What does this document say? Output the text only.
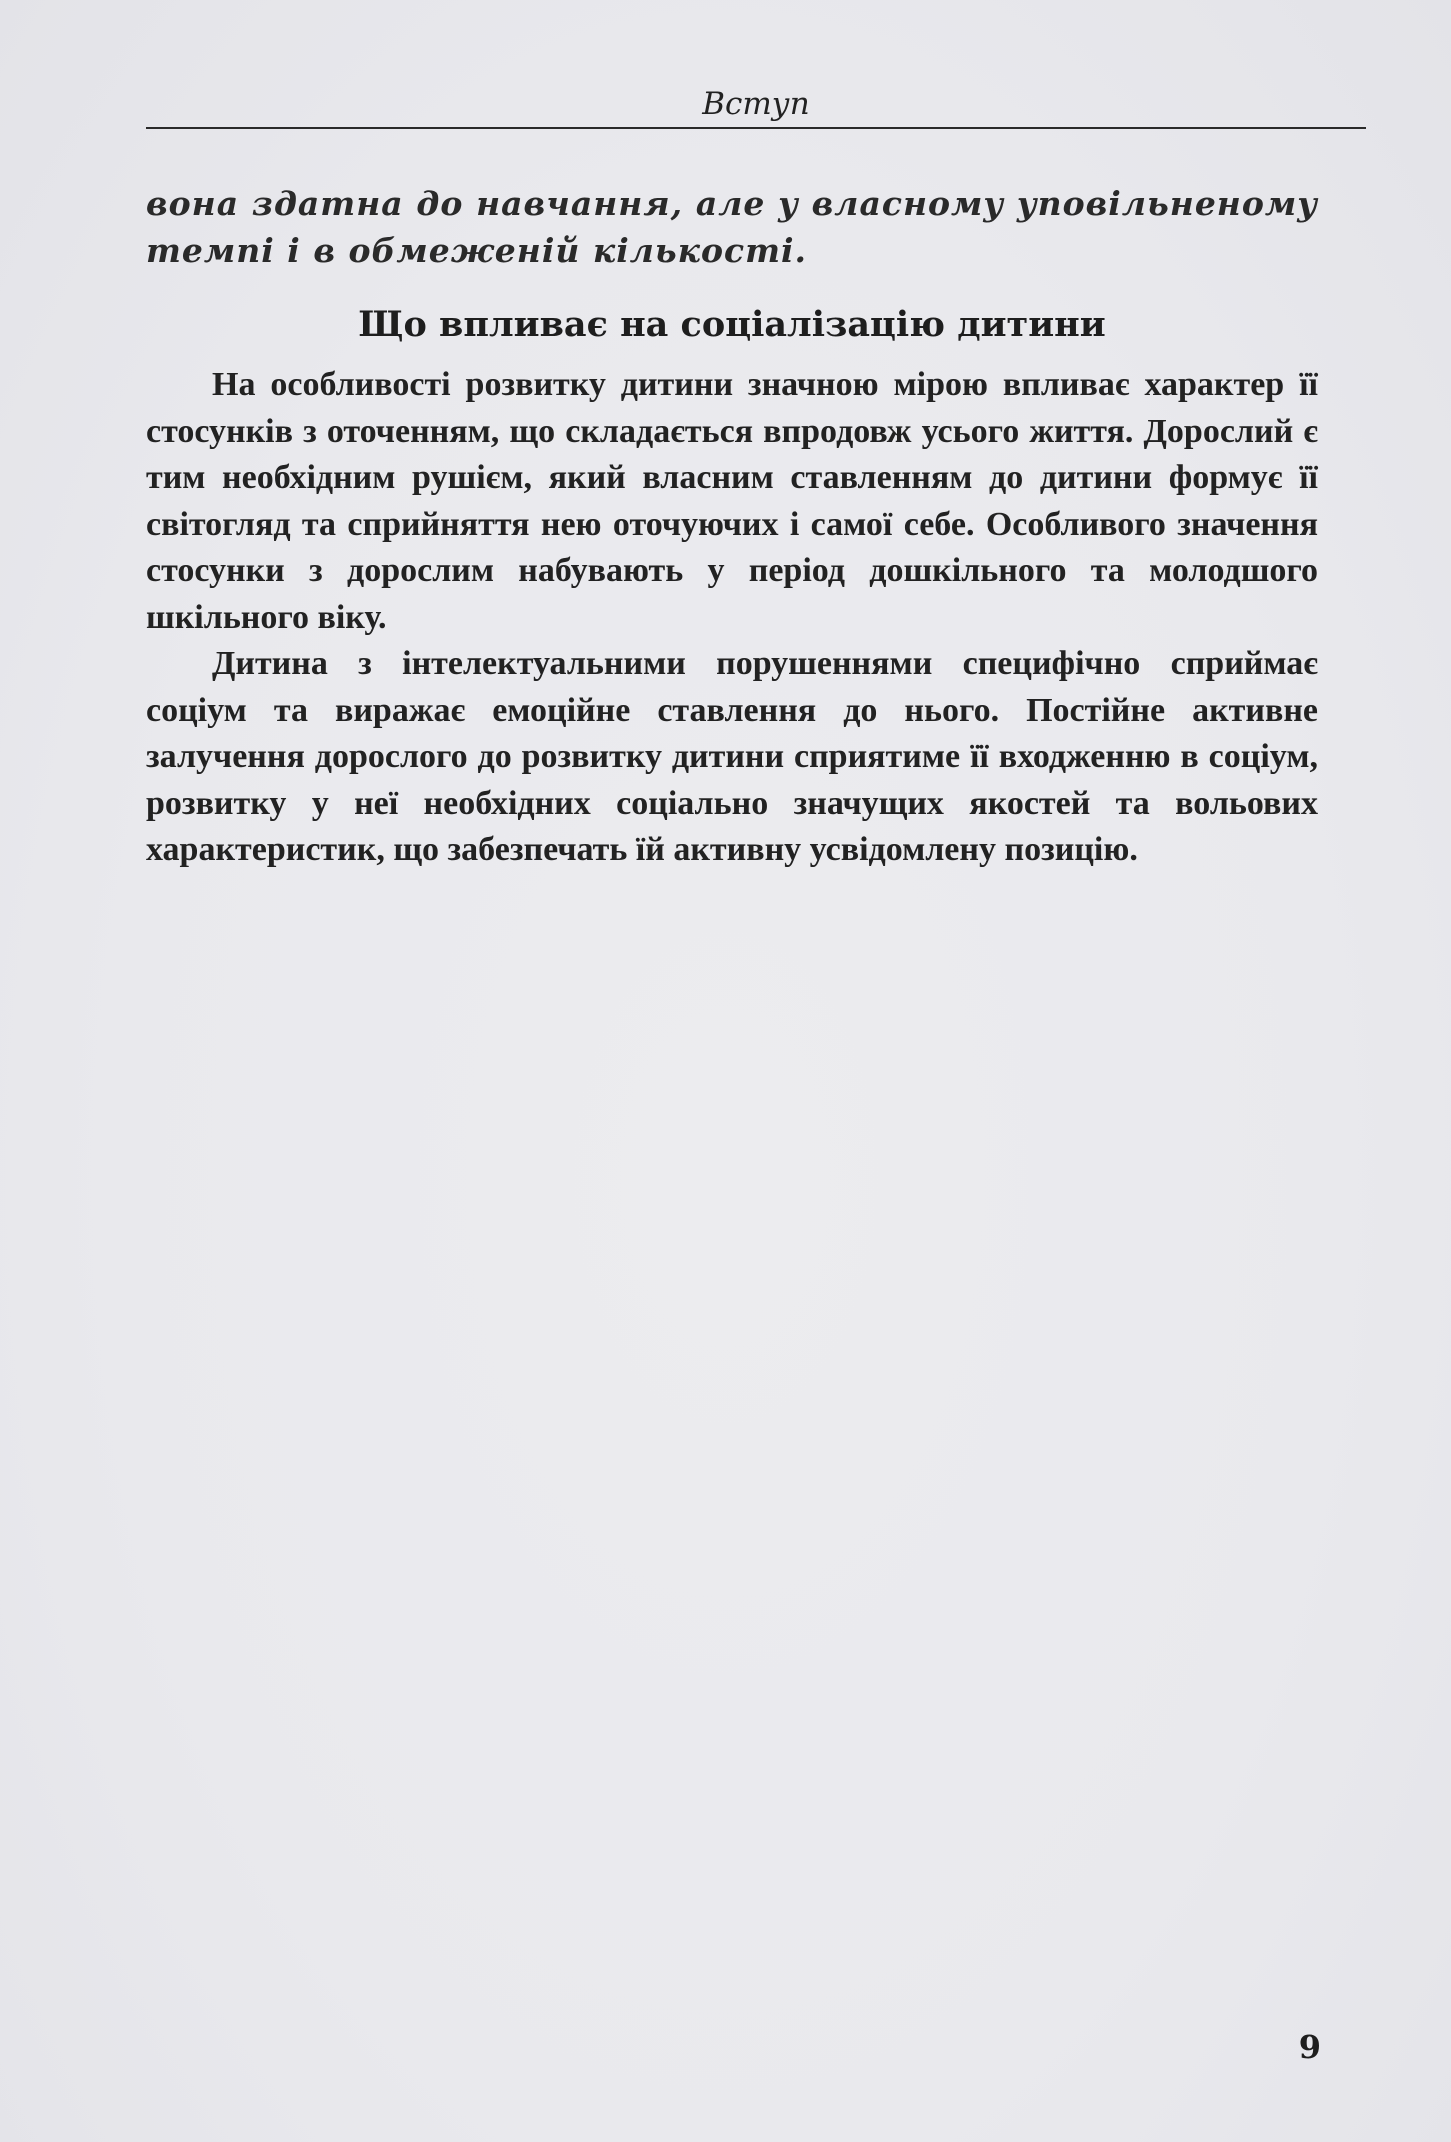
Вступ

вона здатна до навчання, але у власному уповільненому темпі і в обмеженій кількості.

Що впливає на соціалізацію дитини

На особливості розвитку дитини значною мірою впливає характер її стосунків з оточенням, що складається впродовж усього життя. Дорослий є тим необхідним рушієм, який власним ставленням до дитини формує її світогляд та сприйняття нею оточуючих і самої себе. Особливого значення стосунки з дорослим набувають у період дошкільного та молодшого шкільного віку.

Дитина з інтелектуальними порушеннями специфічно сприймає соціум та виражає емоційне ставлення до нього. Постійне активне залучення дорослого до розвитку дитини сприятиме її входженню в соціум, розвитку у неї необхідних соціально значущих якостей та вольових характеристик, що забезпечать їй активну усвідомлену позицію.

9
